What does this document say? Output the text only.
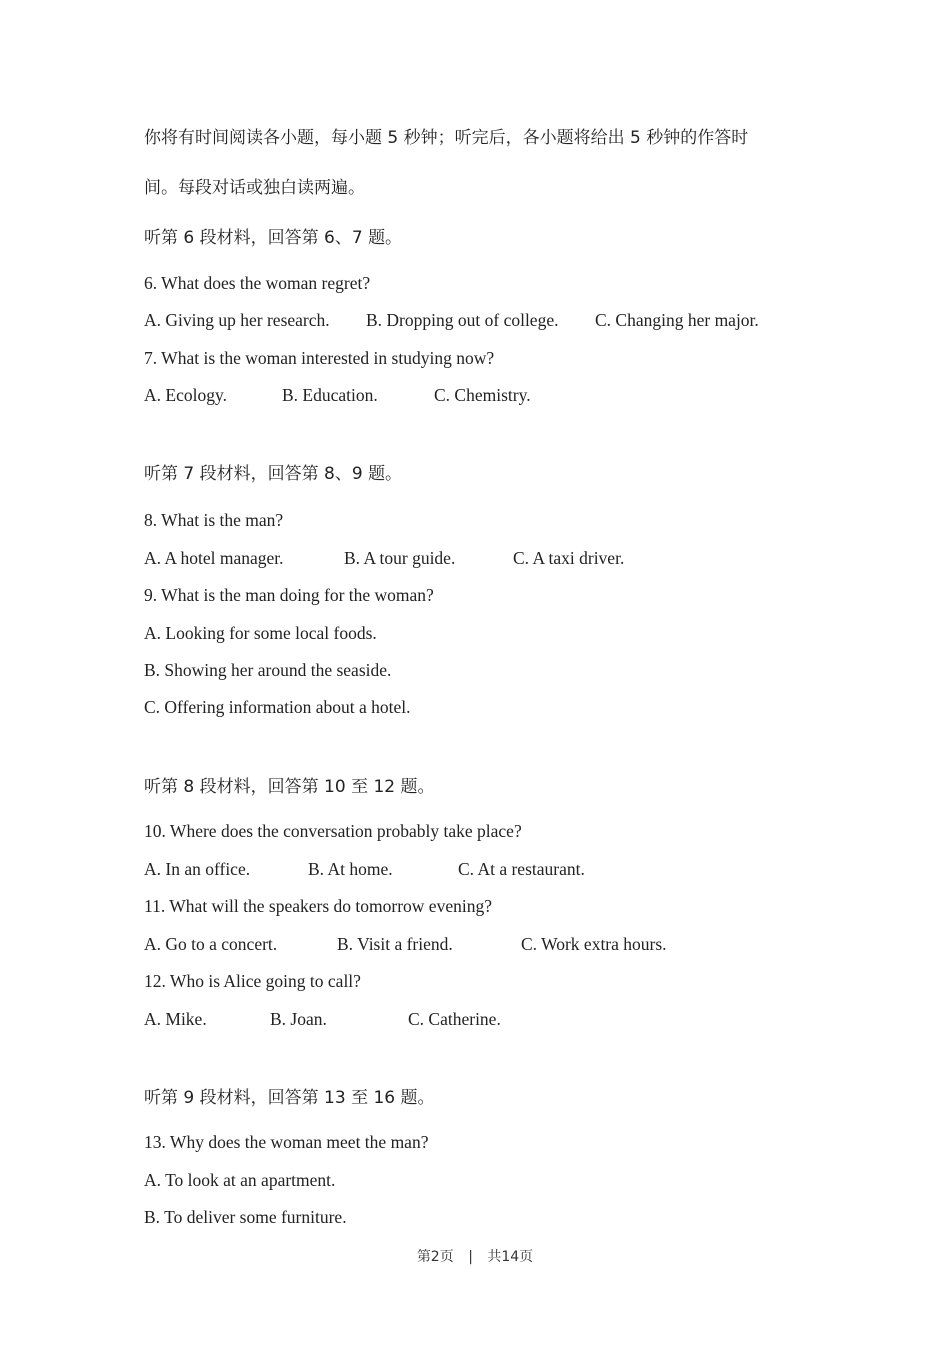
你将有时间阅读各小题，每小题 5 秒钟；听完后，各小题将给出 5 秒钟的作答时
间。每段对话或独白读两遍。
听第 6 段材料，回答第 6、7 题。
6. What does the woman regret?
A. Giving up her research. B. Dropping out of college. C. Changing her major.
7. What is the woman interested in studying now?
A. Ecology.	B. Education.	C. Chemistry.
听第 7 段材料，回答第 8、9 题。
8. What is the man?
A. A hotel manager.	B. A tour guide.	C. A taxi driver.
9. What is the man doing for the woman?
A. Looking for some local foods.
B. Showing her around the seaside.
C. Offering information about a hotel.
听第 8 段材料，回答第 10 至 12 题。
10. Where does the conversation probably take place?
A. In an office.	B. At home.	C. At a restaurant.
11. What will the speakers do tomorrow evening?
A. Go to a concert.	B. Visit a friend.	C. Work extra hours.
12. Who is Alice going to call?
A. Mike.	B. Joan.	C. Catherine.
听第 9 段材料，回答第 13 至 16 题。
13. Why does the woman meet the man?
A. To look at an apartment.
B. To deliver some furniture.
第2页 | 共14页
